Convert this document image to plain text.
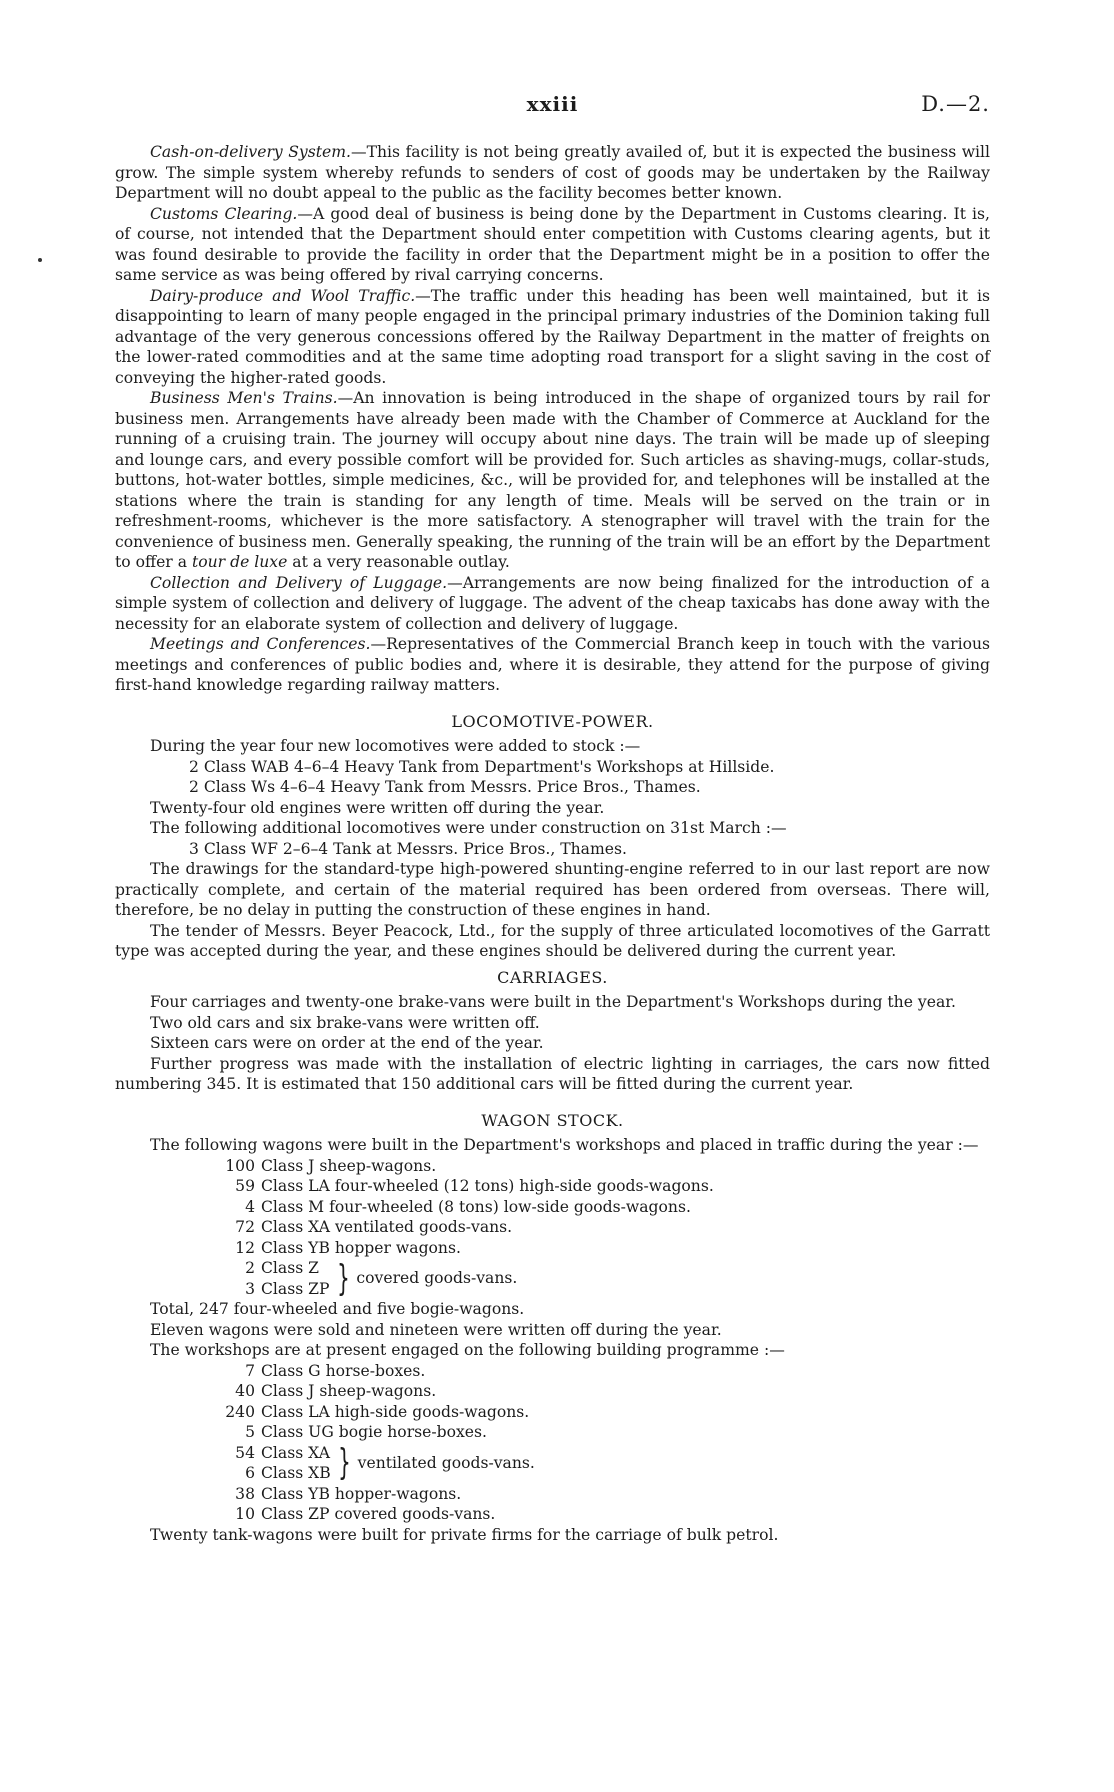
xxiii	D.—2.

Cash-on-delivery System.—This facility is not being greatly availed of, but it is expected the business will grow. The simple system whereby refunds to senders of cost of goods may be undertaken by the Railway Department will no doubt appeal to the public as the facility becomes better known.

Customs Clearing.—A good deal of business is being done by the Department in Customs clearing. It is, of course, not intended that the Department should enter competition with Customs clearing agents, but it was found desirable to provide the facility in order that the Department might be in a position to offer the same service as was being offered by rival carrying concerns.

Dairy-produce and Wool Traffic.—The traffic under this heading has been well maintained, but it is disappointing to learn of many people engaged in the principal primary industries of the Dominion taking full advantage of the very generous concessions offered by the Railway Department in the matter of freights on the lower-rated commodities and at the same time adopting road transport for a slight saving in the cost of conveying the higher-rated goods.

Business Men's Trains.—An innovation is being introduced in the shape of organized tours by rail for business men. Arrangements have already been made with the Chamber of Commerce at Auckland for the running of a cruising train. The journey will occupy about nine days. The train will be made up of sleeping and lounge cars, and every possible comfort will be provided for. Such articles as shaving-mugs, collar-studs, buttons, hot-water bottles, simple medicines, &c., will be provided for, and telephones will be installed at the stations where the train is standing for any length of time. Meals will be served on the train or in refreshment-rooms, whichever is the more satisfactory. A stenographer will travel with the train for the convenience of business men. Generally speaking, the running of the train will be an effort by the Department to offer a tour de luxe at a very reasonable outlay.

Collection and Delivery of Luggage.—Arrangements are now being finalized for the introduction of a simple system of collection and delivery of luggage. The advent of the cheap taxicabs has done away with the necessity for an elaborate system of collection and delivery of luggage.

Meetings and Conferences.—Representatives of the Commercial Branch keep in touch with the various meetings and conferences of public bodies and, where it is desirable, they attend for the purpose of giving first-hand knowledge regarding railway matters.

LOCOMOTIVE-POWER.

During the year four new locomotives were added to stock :—

2 Class WAB 4–6–4 Heavy Tank from Department's Workshops at Hillside.

2 Class Ws 4–6–4 Heavy Tank from Messrs. Price Bros., Thames.

Twenty-four old engines were written off during the year.

The following additional locomotives were under construction on 31st March :—

3 Class WF 2–6–4 Tank at Messrs. Price Bros., Thames.

The drawings for the standard-type high-powered shunting-engine referred to in our last report are now practically complete, and certain of the material required has been ordered from overseas. There will, therefore, be no delay in putting the construction of these engines in hand.

The tender of Messrs. Beyer Peacock, Ltd., for the supply of three articulated locomotives of the Garratt type was accepted during the year, and these engines should be delivered during the current year.

CARRIAGES.

Four carriages and twenty-one brake-vans were built in the Department's Workshops during the year.

Two old cars and six brake-vans were written off.

Sixteen cars were on order at the end of the year.

Further progress was made with the installation of electric lighting in carriages, the cars now fitted numbering 345. It is estimated that 150 additional cars will be fitted during the current year.

WAGON STOCK.

The following wagons were built in the Department's workshops and placed in traffic during the year :—

100 Class J sheep-wagons.

59 Class LA four-wheeled (12 tons) high-side goods-wagons.

4 Class M four-wheeled (8 tons) low-side goods-wagons.

72 Class XA ventilated goods-vans.

12 Class YB hopper wagons.

2 Class Z

3 Class ZP } covered goods-vans.

Total, 247 four-wheeled and five bogie-wagons.

Eleven wagons were sold and nineteen were written off during the year.

The workshops are at present engaged on the following building programme :—

7 Class G horse-boxes.

40 Class J sheep-wagons.

240 Class LA high-side goods-wagons.

5 Class UG bogie horse-boxes.

54 Class XA

6 Class XB } ventilated goods-vans.

38 Class YB hopper-wagons.

10 Class ZP covered goods-vans.

Twenty tank-wagons were built for private firms for the carriage of bulk petrol.
